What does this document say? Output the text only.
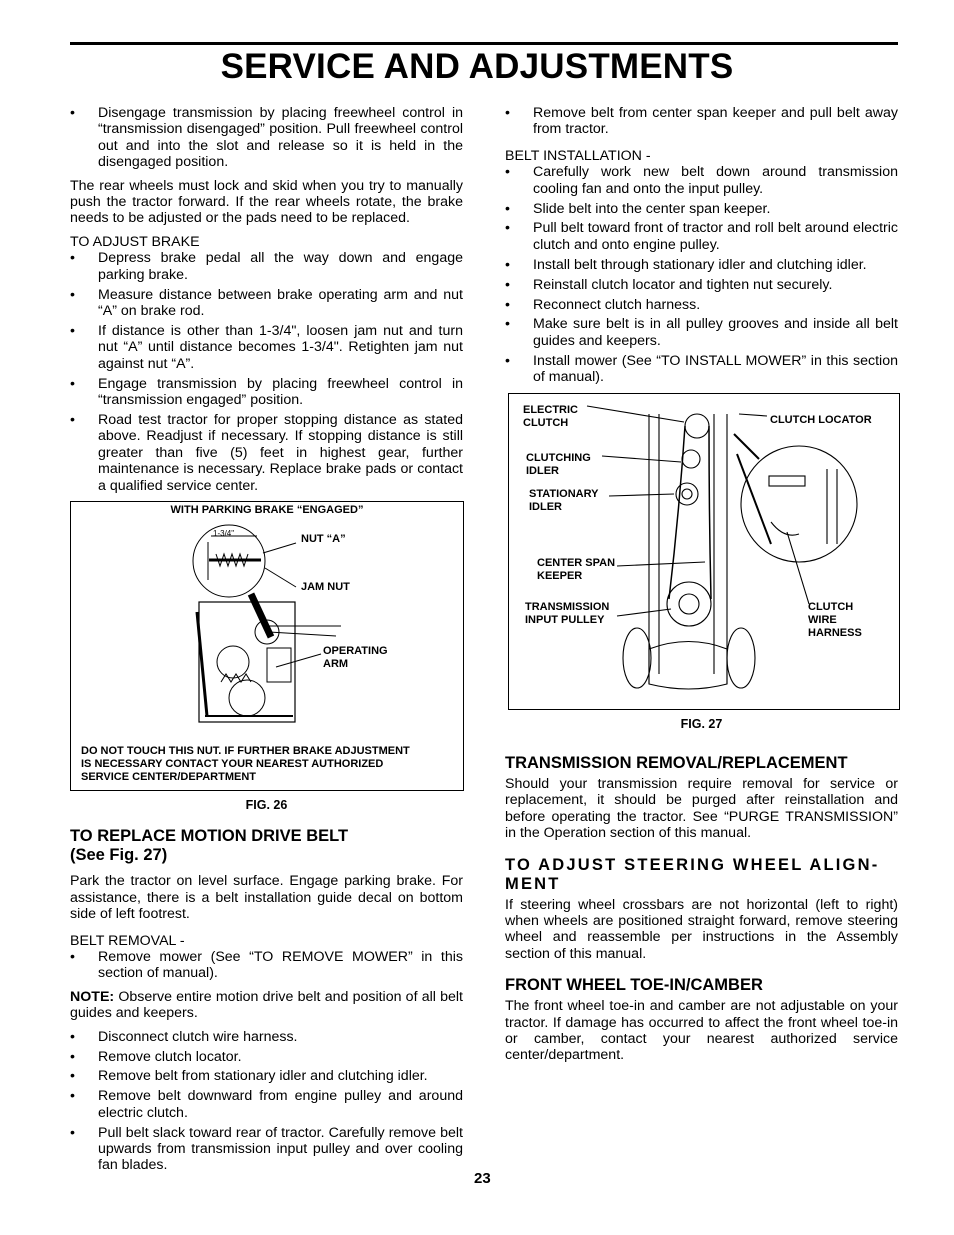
SERVICE AND ADJUSTMENTS
• Disengage transmission by placing freewheel control in “transmission disengaged” position. Pull freewheel control out and into the slot and release so it is held in the disengaged position.

The rear wheels must lock and skid when you try to manually push the tractor forward. If the rear wheels rotate, the brake needs to be adjusted or the pads need to be replaced.

TO ADJUST BRAKE

• Depress brake pedal all the way down and engage parking brake.
• Measure distance between brake operating arm and nut “A” on brake rod.
• If distance is other than 1-3/4", loosen jam nut and turn nut “A” until distance becomes 1-3/4". Retighten jam nut against nut “A”.
• Engage transmission by placing freewheel control in “transmission engaged” position.
• Road test tractor for proper stopping distance as stated above. Readjust if necessary. If stopping distance is still greater than five (5) feet in highest gear, further maintenance is necessary. Replace brake pads or contact a qualified service center.
1-3/4"
WITH PARKING BRAKE “ENGAGED”
NUT “A”
JAM NUT
OPERATING
ARM
DO NOT TOUCH THIS NUT. IF FURTHER BRAKE ADJUSTMENT
IS NECESSARY CONTACT YOUR NEAREST AUTHORIZED
SERVICE CENTER/DEPARTMENT
FIG. 26
TO REPLACE MOTION DRIVE BELT
(See Fig. 27)

Park the tractor on level surface. Engage parking brake. For assistance, there is a belt installation guide decal on bottom side of left footrest.

BELT REMOVAL -

• Remove mower (See “TO REMOVE MOWER” in this section of manual).

NOTE: Observe entire motion drive belt and position of all belt guides and keepers.

• Disconnect clutch wire harness.
• Remove clutch locator.
• Remove belt from stationary idler and clutching idler.
• Remove belt downward from engine pulley and around electric clutch.
• Pull belt slack toward rear of tractor. Carefully remove belt upwards from transmission input pulley and over cooling fan blades.
• Remove belt from center span keeper and pull belt away from tractor.

BELT INSTALLATION -

• Carefully work new belt down around transmission cooling fan and onto the input pulley.
• Slide belt into the center span keeper.
• Pull belt toward front of tractor and roll belt around electric clutch and onto engine pulley.
• Install belt through stationary idler and clutching idler.
• Reinstall clutch locator and tighten nut securely.
• Reconnect clutch harness.
• Make sure belt is in all pulley grooves and inside all belt guides and keepers.
• Install mower (See “TO INSTALL MOWER” in this section of manual).
ELECTRIC
CLUTCH	CLUTCH LOCATOR
CLUTCHING
IDLER
STATIONARY
IDLER
CENTER SPAN
KEEPER
TRANSMISSION
INPUT PULLEY
CLUTCH
WIRE
HARNESS
FIG. 27
TRANSMISSION REMOVAL/REPLACEMENT

Should your transmission require removal for service or replacement, it should be purged after reinstallation and before operating the tractor. See “PURGE TRANSMISSION” in the Operation section of this manual.

TO ADJUST STEERING WHEEL ALIGN-
MENT

If steering wheel crossbars are not horizontal (left to right) when wheels are positioned straight forward, remove steering wheel and reassemble per instructions in the Assembly section of this manual.

FRONT WHEEL TOE-IN/CAMBER

The front wheel toe-in and camber are not adjustable on your tractor. If damage has occurred to affect the front wheel toe-in or camber, contact your nearest authorized service center/department.

23
